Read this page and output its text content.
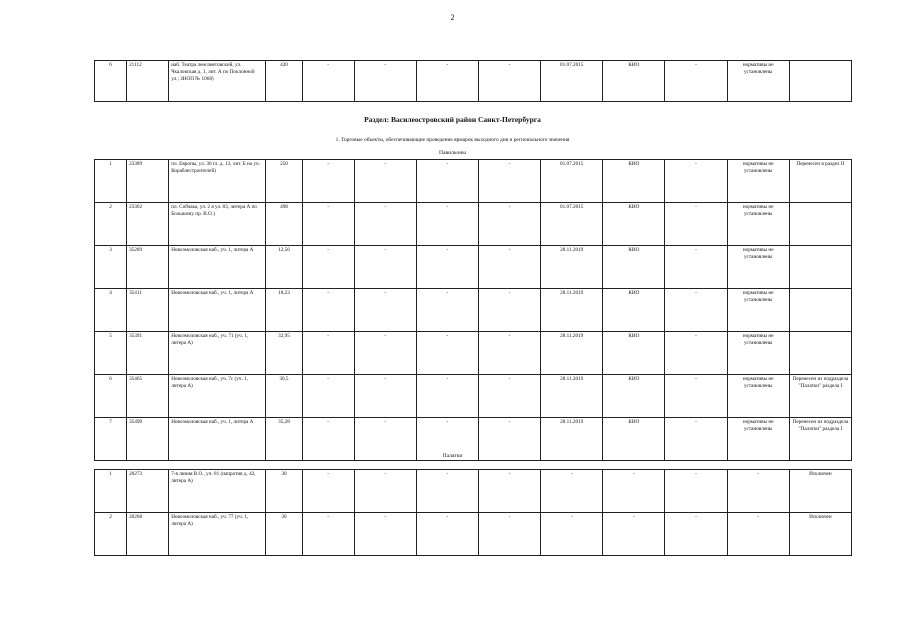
2
6	21112	наб. Театра ленсоветовский, ул. Чкаловская д. 1, лит. А по Поклонной ул.; ЗНОП № 1068)	420	-	-	-	-	01.07.2015	КИО	-	нормативы не установлены	
Раздел: Василеостровский район Санкт-Петербурга
1. Торговые объекты, обеспечивающие проведение ярмарок выходного дня и регионального значения
Павильоны
Палатки
1	23389	пл. Европы, ул. 30 гл. д. 13, лит. Б на уч. Кораблестроителей)	250	-	-	-	-	01.07.2015	КИО	-	нормативы не установлены	Перенесен в раздел II
2	23362	пл. Собчака, ул. 2 я ул. 83, литера А по Большому пр. В.О.)	498	-	-	-	-	01.07.2015	КИО	-	нормативы не установлены	
3	35289	Новоэмоловская наб., уч. 1, литера А	12,56	-	-	-	-	28.11.2019	КИО	-	нормативы не установлены	
4	35411	Новоэмоловская наб., уч. 1, литера А	18,23	-	-	-	-	28.11.2019	КИО	-	нормативы не установлены	
5	35391	Новоэмоловская наб., уч. 71 (уч. 1, литера А)	32,95	-	-	-	-	28.11.2019	КИО	-	нормативы не установлены	
6	35465	Новоэмоловская наб., уч. 7с (уч. 1, литера А)	30,5	-	-	-	-	28.11.2019	КИО	-	нормативы не установлены	Перенесен из подраздела "Палатки" раздела I
7	35490	Новоэмоловская наб., уч. 1, литера А	35,28	-	-	-	-	28.11.2019	КИО	-	нормативы не установлены	Перенесен из подраздела "Палатки" раздела I

1	20273	7-я линия В.О., уч. 81 (напротив д. 42, литера А)	30	-	-	-	-	-	-	-	-	Исключен
2	20268	Новоэмоловская наб., уч. 77 (уч. 1, литера А)	30	-	-	-	-	-	-	-	-	Исключен
